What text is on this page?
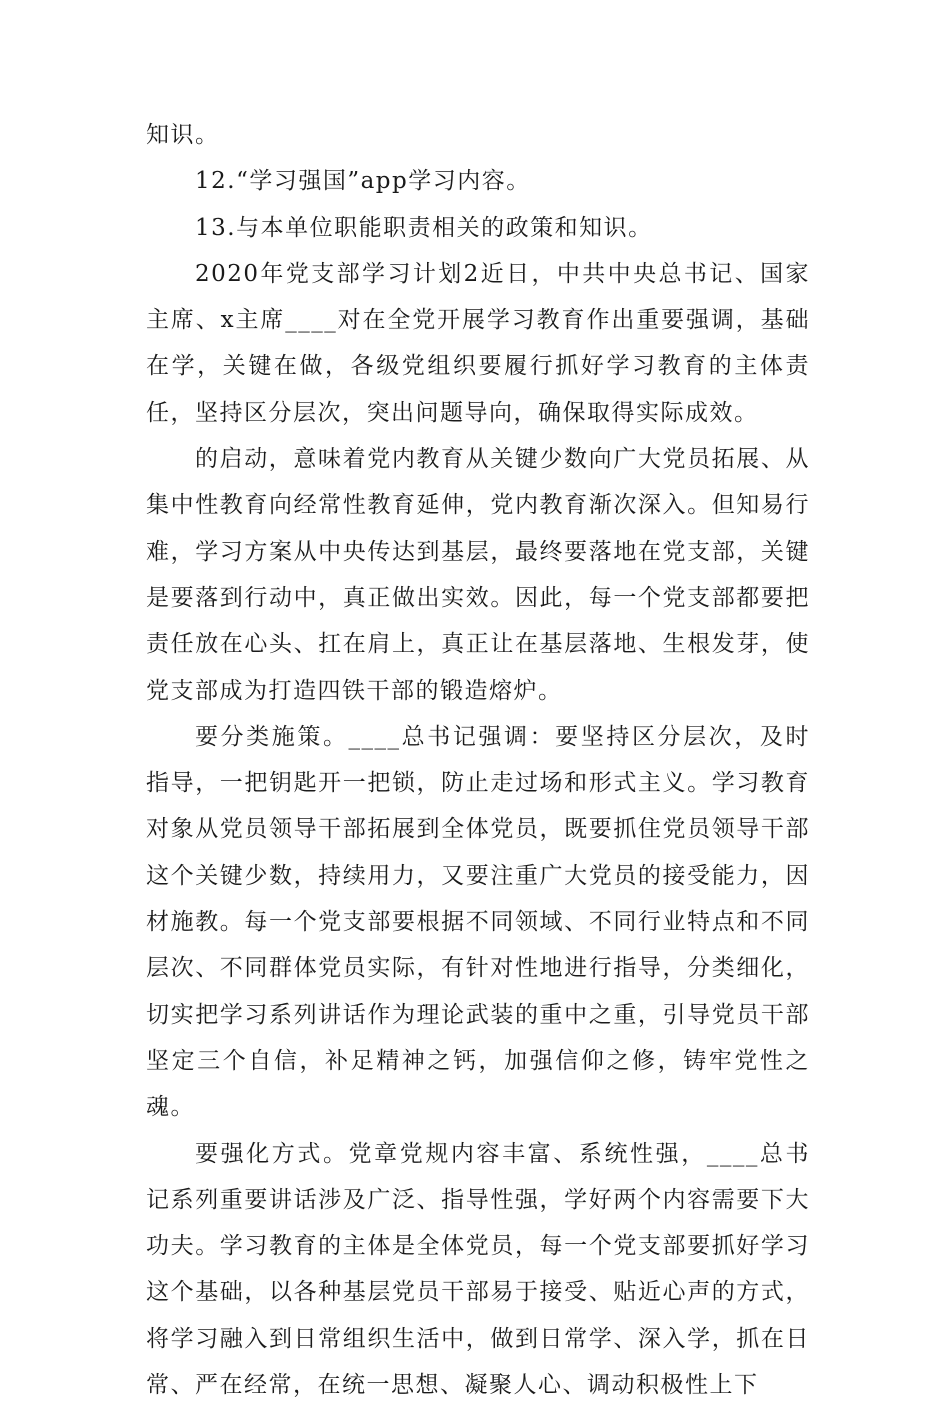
知识。

12.“学习强国”app学习内容。

13.与本单位职能职责相关的政策和知识。

2020年党支部学习计划2近日，中共中央总书记、国家主席、x主席____对在全党开展学习教育作出重要强调，基础在学，关键在做，各级党组织要履行抓好学习教育的主体责任，坚持区分层次，突出问题导向，确保取得实际成效。

的启动，意味着党内教育从关键少数向广大党员拓展、从集中性教育向经常性教育延伸，党内教育渐次深入。但知易行难，学习方案从中央传达到基层，最终要落地在党支部，关键是要落到行动中，真正做出实效。因此，每一个党支部都要把责任放在心头、扛在肩上，真正让在基层落地、生根发芽，使党支部成为打造四铁干部的锻造熔炉。

要分类施策。____总书记强调：要坚持区分层次，及时指导，一把钥匙开一把锁，防止走过场和形式主义。学习教育对象从党员领导干部拓展到全体党员，既要抓住党员领导干部这个关键少数，持续用力，又要注重广大党员的接受能力，因材施教。每一个党支部要根据不同领域、不同行业特点和不同层次、不同群体党员实际，有针对性地进行指导，分类细化，切实把学习系列讲话作为理论武装的重中之重，引导党员干部坚定三个自信，补足精神之钙，加强信仰之修，铸牢党性之魂。

要强化方式。党章党规内容丰富、系统性强，____总书记系列重要讲话涉及广泛、指导性强，学好两个内容需要下大功夫。学习教育的主体是全体党员，每一个党支部要抓好学习这个基础，以各种基层党员干部易于接受、贴近心声的方式，将学习融入到日常组织生活中，做到日常学、深入学，抓在日常、严在经常，在统一思想、凝聚人心、调动积极性上下
